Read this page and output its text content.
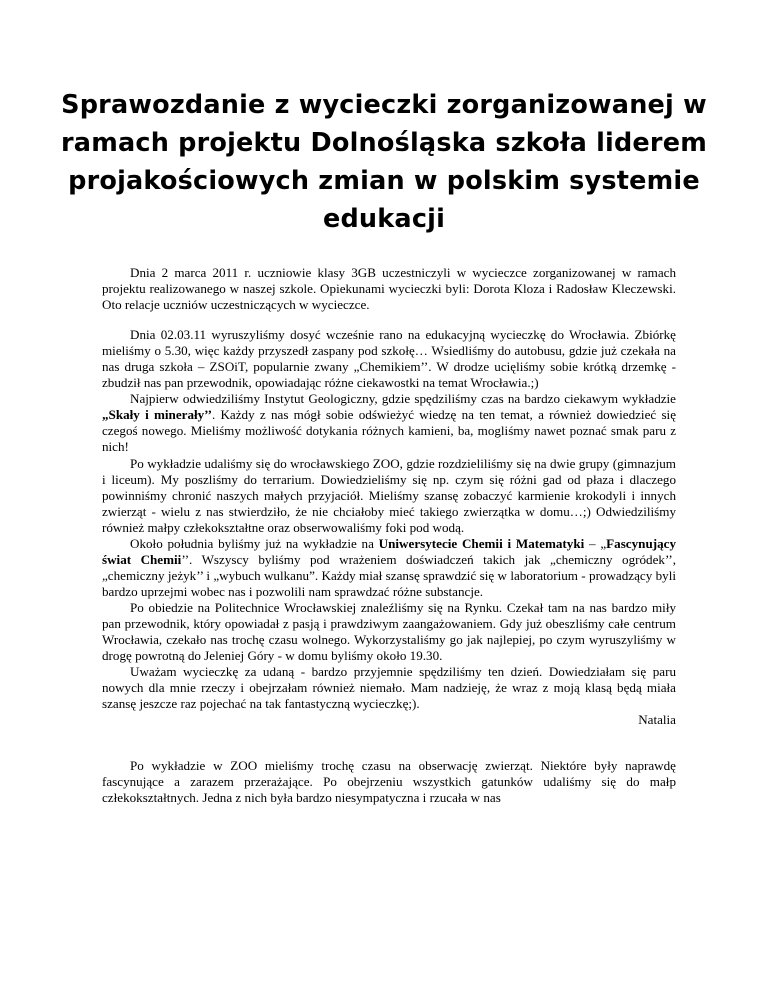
Sprawozdanie z wycieczki zorganizowanej w ramach projektu Dolnośląska szkoła liderem projakościowych zmian w polskim systemie edukacji

Dnia 2 marca 2011 r. uczniowie klasy 3GB uczestniczyli w wycieczce zorganizowanej w ramach projektu realizowanego w naszej szkole. Opiekunami wycieczki byli: Dorota Kloza i Radosław Kleczewski. Oto relacje uczniów uczestniczących w wycieczce.

Dnia 02.03.11 wyruszyliśmy dosyć wcześnie rano na edukacyjną wycieczkę do Wrocławia. Zbiórkę mieliśmy o 5.30, więc każdy przyszedł zaspany pod szkołę… Wsiedliśmy do autobusu, gdzie już czekała na nas druga szkoła – ZSOiT, popularnie zwany „Chemikiem’’. W drodze ucięliśmy sobie krótką drzemkę - zbudził nas pan przewodnik, opowiadając różne ciekawostki na temat Wrocławia.;)

Najpierw odwiedziliśmy Instytut Geologiczny, gdzie spędziliśmy czas na bardzo ciekawym wykładzie „Skały i minerały’’. Każdy z nas mógł sobie odświeżyć wiedzę na ten temat, a również dowiedzieć się czegoś nowego. Mieliśmy możliwość dotykania różnych kamieni, ba, mogliśmy nawet poznać smak paru z nich!

Po wykładzie udaliśmy się do wrocławskiego ZOO, gdzie rozdzieliliśmy się na dwie grupy (gimnazjum i liceum). My poszliśmy do terrarium. Dowiedzieliśmy się np. czym się różni gad od płaza i dlaczego powinniśmy chronić naszych małych przyjaciół. Mieliśmy szansę zobaczyć karmienie krokodyli i innych zwierząt - wielu z nas stwierdziło, że nie chciałoby mieć takiego zwierzątka w domu…;) Odwiedziliśmy również małpy człekokształtne oraz obserwowaliśmy foki pod wodą.

Około południa byliśmy już na wykładzie na Uniwersytecie Chemii i Matematyki – „Fascynujący świat Chemii’’. Wszyscy byliśmy pod wrażeniem doświadczeń takich jak „chemiczny ogródek’’, „chemiczny jeżyk’’ i „wybuch wulkanu”. Każdy miał szansę sprawdzić się w laboratorium - prowadzący byli bardzo uprzejmi wobec nas i pozwolili nam sprawdzać różne substancje.

Po obiedzie na Politechnice Wrocławskiej znaleźliśmy się na Rynku. Czekał tam na nas bardzo miły pan przewodnik, który opowiadał z pasją i prawdziwym zaangażowaniem. Gdy już obeszliśmy całe centrum Wrocławia, czekało nas trochę czasu wolnego. Wykorzystaliśmy go jak najlepiej, po czym wyruszyliśmy w drogę powrotną do Jeleniej Góry - w domu byliśmy około 19.30.

Uważam wycieczkę za udaną - bardzo przyjemnie spędziliśmy ten dzień. Dowiedziałam się paru nowych dla mnie rzeczy i obejrzałam również niemało. Mam nadzieję, że wraz z moją klasą będą miała szansę jeszcze raz pojechać na tak fantastyczną wycieczkę;).

Natalia

Po wykładzie w ZOO mieliśmy trochę czasu na obserwację zwierząt. Niektóre były naprawdę fascynujące a zarazem przerażające. Po obejrzeniu wszystkich gatunków udaliśmy się do małp człekokształtnych. Jedna z nich była bardzo niesympatyczna i rzucała w nas
